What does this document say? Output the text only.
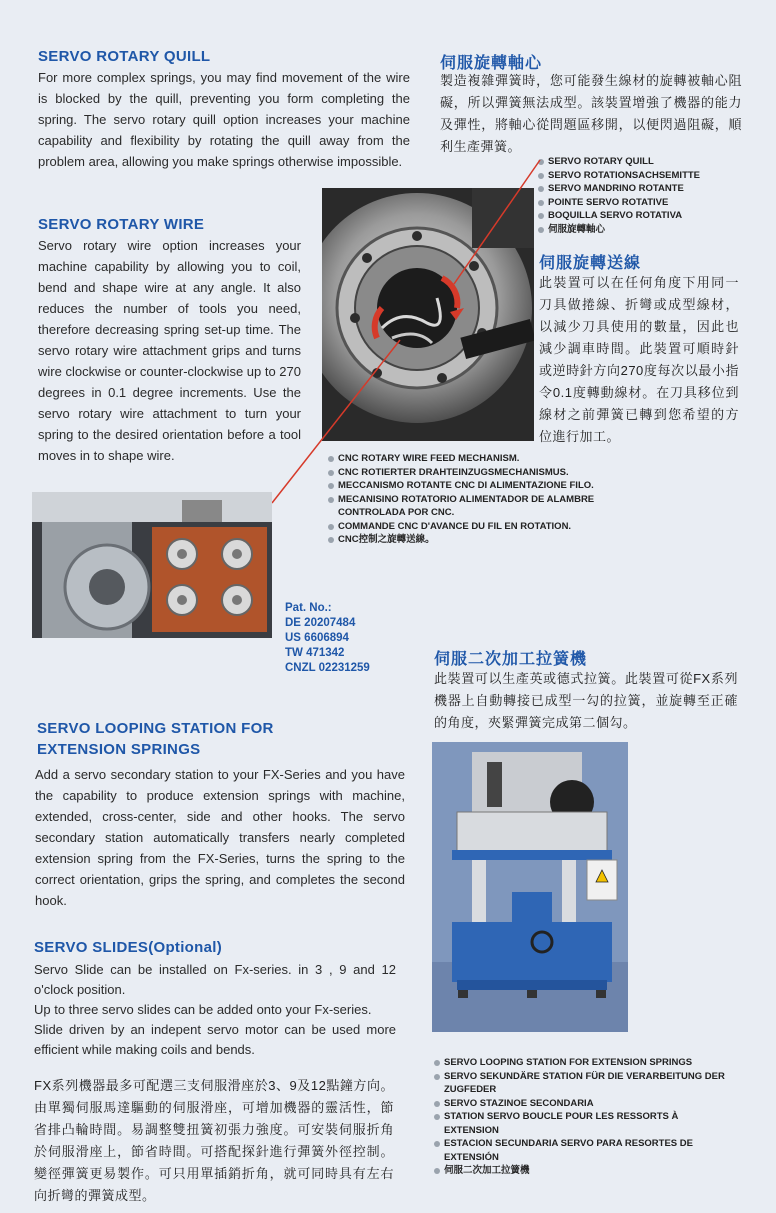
SERVO ROTARY QUILL
For more complex springs, you may find movement of the wire is blocked by the quill, preventing you form completing the spring. The servo rotary quill option increases your machine capability and flexibility by rotating the quill away from the problem area, allowing you make springs otherwise impossible.
伺服旋轉軸心
製造複雜彈簧時，您可能發生線材的旋轉被軸心阻礙，所以彈簧無法成型。該裝置增強了機器的能力及彈性，將軸心從問題區移開，以便閃過阻礙，順利生產彈簧。
SERVO ROTARY QUILL
SERVO ROTATIONSACHSEMITTE
SERVO MANDRINO ROTANTE
POINTE SERVO ROTATIVE
BOQUILLA SERVO ROTATIVA
伺服旋轉軸心
SERVO ROTARY WIRE
Servo rotary wire option increases your machine capability by allowing you to coil, bend and shape wire at any angle. It also reduces the number of tools you need, therefore decreasing spring set-up time. The servo rotary wire attachment grips and turns wire clockwise or counter-clockwise up to 270 degrees in 0.1 degree increments. Use the servo rotary wire attachment to turn your spring to the desired orientation before a tool moves in to shape wire.
伺服旋轉送線
此裝置可以在任何角度下用同一刀具做捲線、折彎或成型線材，以減少刀具使用的數量，因此也減少調車時間。此裝置可順時針或逆時針方向270度每次以最小指令0.1度轉動線材。在刀具移位到線材之前彈簧已轉到您希望的方位進行加工。
CNC ROTARY WIRE FEED MECHANISM.
CNC ROTIERTER DRAHTEINZUGSMECHANISMUS.
MECCANISMO ROTANTE CNC DI ALIMENTAZIONE FILO.
MECANISINO ROTATORIO ALIMENTADOR DE ALAMBRE CONTROLADA POR CNC.
COMMANDE CNC D'AVANCE DU FIL EN ROTATION.
CNC控制之旋轉送線。
Pat. No.:
DE 20207484
US 6606894
TW 471342
CNZL 02231259	伺服二次加工拉簧機
此裝置可以生產英或德式拉簧。此裝置可從FX系列機器上自動轉接已成型一勾的拉簧，並旋轉至正確的角度，夾緊彈簧完成第二個勾。
SERVO LOOPING STATION FOR
EXTENSION SPRINGS
Add a servo secondary station to your FX-Series and you have the capability to produce extension springs with machine, extended, cross-center, side and other hooks. The servo secondary station automatically transfers nearly completed extension spring from the FX-Series, turns the spring to the correct orientation, grips the spring, and completes the second hook.
SERVO LOOPING STATION FOR EXTENSION SPRINGS
SERVO SEKUNDÄRE STATION FÜR DIE VERARBEITUNG DER ZUGFEDER
SERVO STAZINOE SECONDARIA
STATION SERVO BOUCLE POUR LES RESSORTS À EXTENSION
ESTACION SECUNDARIA SERVO PARA RESORTES DE EXTENSIÓN
伺服二次加工拉簧機
SERVO SLIDES(Optional)
Servo Slide can be installed on Fx-series. in 3 , 9 and 12 o'clock position.
Up to three servo slides can be added onto your Fx-series.
Slide driven by an indepent servo motor can be used more efficient while making coils and bends.
FX系列機器最多可配選三支伺服滑座於3、9及12點鐘方向。由單獨伺服馬達驅動的伺服滑座，可增加機器的靈活性，節省排凸輪時間。易調整雙扭簧初張力強度。可安裝伺服折角於伺服滑座上，節省時間。可搭配探針進行彈簧外徑控制。變徑彈簧更易製作。可只用單插銷折角，就可同時具有左右向折彎的彈簧成型。
